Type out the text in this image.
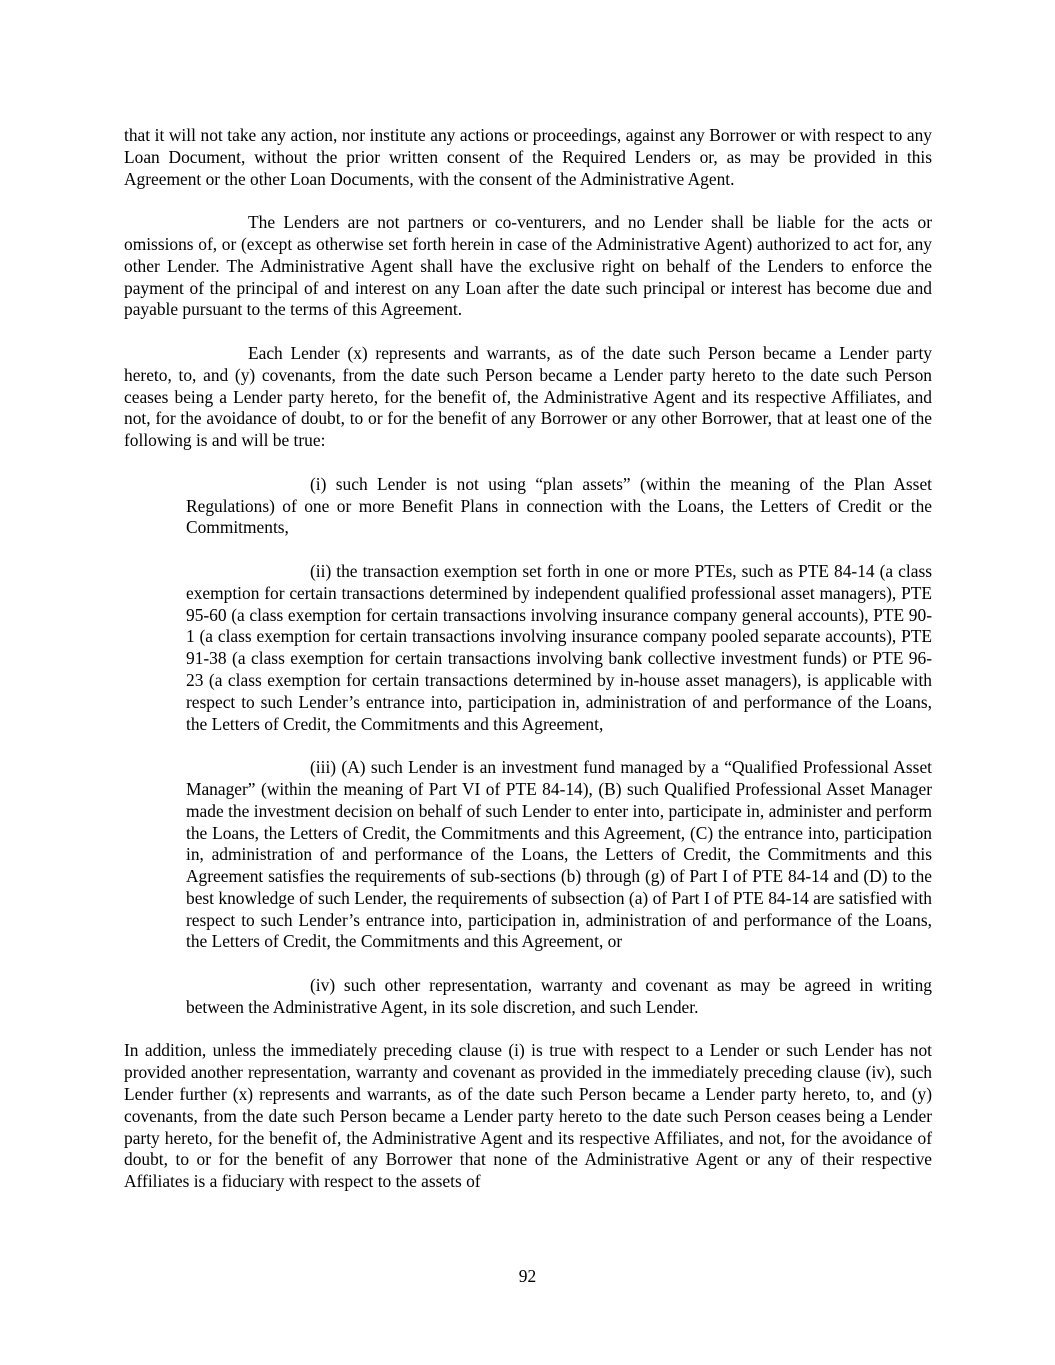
that it will not take any action, nor institute any actions or proceedings, against any Borrower or with respect to any Loan Document, without the prior written consent of the Required Lenders or, as may be provided in this Agreement or the other Loan Documents, with the consent of the Administrative Agent.

The Lenders are not partners or co-venturers, and no Lender shall be liable for the acts or omissions of, or (except as otherwise set forth herein in case of the Administrative Agent) authorized to act for, any other Lender. The Administrative Agent shall have the exclusive right on behalf of the Lenders to enforce the payment of the principal of and interest on any Loan after the date such principal or interest has become due and payable pursuant to the terms of this Agreement.

Each Lender (x) represents and warrants, as of the date such Person became a Lender party hereto, to, and (y) covenants, from the date such Person became a Lender party hereto to the date such Person ceases being a Lender party hereto, for the benefit of, the Administrative Agent and its respective Affiliates, and not, for the avoidance of doubt, to or for the benefit of any Borrower or any other Borrower, that at least one of the following is and will be true:

(i) such Lender is not using “plan assets” (within the meaning of the Plan Asset Regulations) of one or more Benefit Plans in connection with the Loans, the Letters of Credit or the Commitments,

(ii) the transaction exemption set forth in one or more PTEs, such as PTE 84-14 (a class exemption for certain transactions determined by independent qualified professional asset managers), PTE 95-60 (a class exemption for certain transactions involving insurance company general accounts), PTE 90-1 (a class exemption for certain transactions involving insurance company pooled separate accounts), PTE 91-38 (a class exemption for certain transactions involving bank collective investment funds) or PTE 96-23 (a class exemption for certain transactions determined by in-house asset managers), is applicable with respect to such Lender’s entrance into, participation in, administration of and performance of the Loans, the Letters of Credit, the Commitments and this Agreement,

(iii) (A) such Lender is an investment fund managed by a “Qualified Professional Asset Manager” (within the meaning of Part VI of PTE 84-14), (B) such Qualified Professional Asset Manager made the investment decision on behalf of such Lender to enter into, participate in, administer and perform the Loans, the Letters of Credit, the Commitments and this Agreement, (C) the entrance into, participation in, administration of and performance of the Loans, the Letters of Credit, the Commitments and this Agreement satisfies the requirements of sub-sections (b) through (g) of Part I of PTE 84-14 and (D) to the best knowledge of such Lender, the requirements of subsection (a) of Part I of PTE 84-14 are satisfied with respect to such Lender’s entrance into, participation in, administration of and performance of the Loans, the Letters of Credit, the Commitments and this Agreement, or

(iv) such other representation, warranty and covenant as may be agreed in writing between the Administrative Agent, in its sole discretion, and such Lender.

In addition, unless the immediately preceding clause (i) is true with respect to a Lender or such Lender has not provided another representation, warranty and covenant as provided in the immediately preceding clause (iv), such Lender further (x) represents and warrants, as of the date such Person became a Lender party hereto, to, and (y) covenants, from the date such Person became a Lender party hereto to the date such Person ceases being a Lender party hereto, for the benefit of, the Administrative Agent and its respective Affiliates, and not, for the avoidance of doubt, to or for the benefit of any Borrower that none of the Administrative Agent or any of their respective Affiliates is a fiduciary with respect to the assets of

92
